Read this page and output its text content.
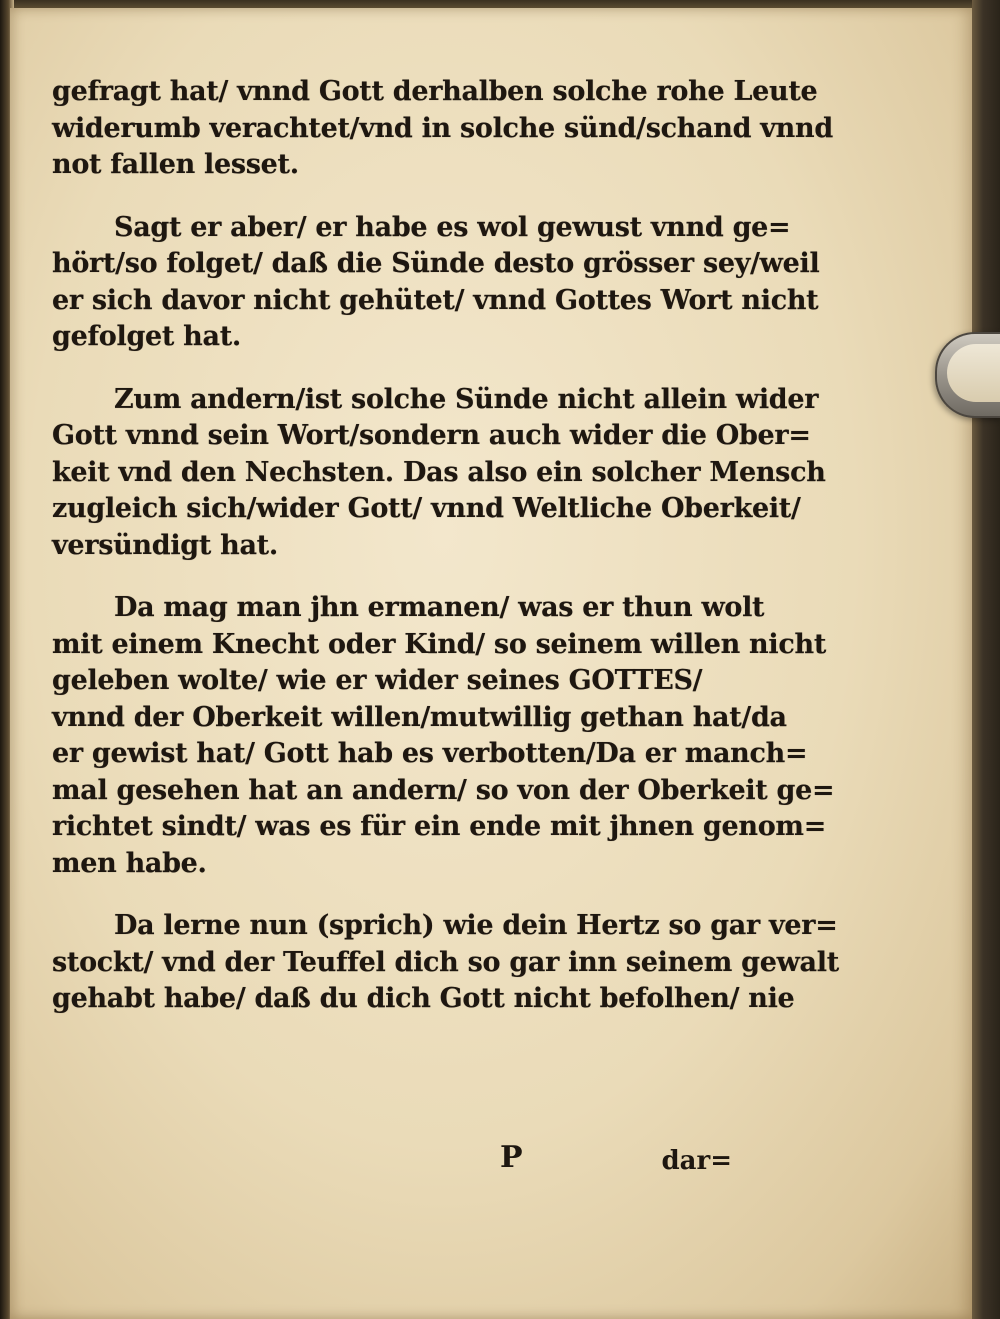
gefragt hat/ vnnd Gott derhalben solche rohe Leute
widerumb verachtet/vnd in solche sünd/schand vnnd
not fallen lesset.
Sagt er aber/ er habe es wol gewust vnnd ge=
hört/so folget/ daß die Sünde desto grösser sey/weil
er sich davor nicht gehütet/ vnnd Gottes Wort nicht
gefolget hat.
Zum andern/ist solche Sünde nicht allein wider
Gott vnnd sein Wort/sondern auch wider die Ober=
keit vnd den Nechsten. Das also ein solcher Mensch
zugleich sich/wider Gott/ vnnd Weltliche Oberkeit/
versündigt hat.
Da mag man jhn ermanen/ was er thun wolt
mit einem Knecht oder Kind/ so seinem willen nicht
geleben wolte/ wie er wider seines GOTTES/
vnnd der Oberkeit willen/mutwillig gethan hat/da
er gewist hat/ Gott hab es verbotten/Da er manch=
mal gesehen hat an andern/ so von der Oberkeit ge=
richtet sindt/ was es für ein ende mit jhnen genom=
men habe.
Da lerne nun (sprich) wie dein Hertz so gar ver=
stockt/ vnd der Teuffel dich so gar inn seinem gewalt
gehabt habe/ daß du dich Gott nicht befolhen/ nie
P	dar=
